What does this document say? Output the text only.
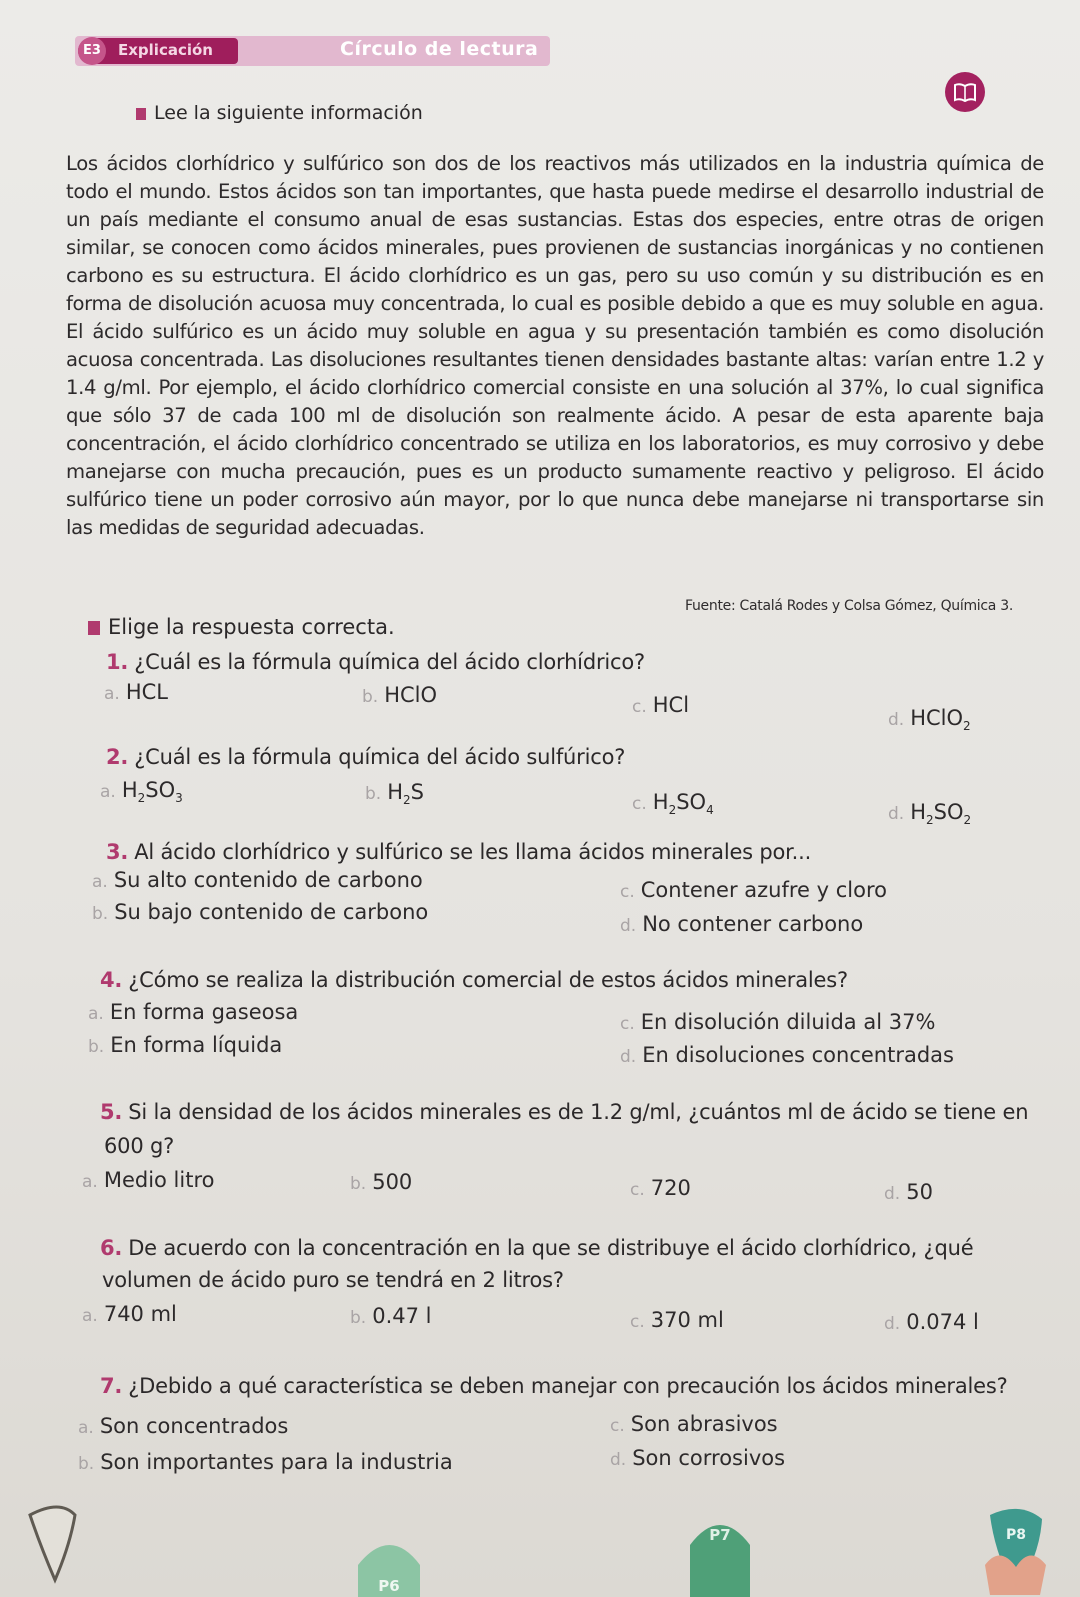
E3	Explicación	Círculo de lectura
Lee la siguiente información
Los ácidos clorhídrico y sulfúrico son dos de los reactivos más utilizados en la industria química de todo el mundo. Estos ácidos son tan importantes, que hasta puede medirse el desarrollo industrial de un país mediante el consumo anual de esas sustancias. Estas dos especies, entre otras de origen similar, se conocen como ácidos minerales, pues provienen de sustancias inorgánicas y no contienen carbono es su estructura. El ácido clorhídrico es un gas, pero su uso común y su distribución es en forma de disolución acuosa muy concentrada, lo cual es posible debido a que es muy soluble en agua. El ácido sulfúrico es un ácido muy soluble en agua y su presentación también es como disolución acuosa concentrada. Las disoluciones resultantes tienen densidades bastante altas: varían entre 1.2 y 1.4 g/ml. Por ejemplo, el ácido clorhídrico comercial consiste en una solución al 37%, lo cual significa que sólo 37 de cada 100 ml de disolución son realmente ácido. A pesar de esta aparente baja concentración, el ácido clorhídrico concentrado se utiliza en los laboratorios, es muy corrosivo y debe manejarse con mucha precaución, pues es un producto sumamente reactivo y peligroso. El ácido sulfúrico tiene un poder corrosivo aún mayor, por lo que nunca debe manejarse ni transportarse sin las medidas de seguridad adecuadas.
Fuente: Catalá Rodes y Colsa Gómez, Química 3.
Elige la respuesta correcta.
1. ¿Cuál es la fórmula química del ácido clorhídrico?
a. HCL	b. HClO	c. HCl
d. HClO$_2$
2. ¿Cuál es la fórmula química del ácido sulfúrico?
a. $H_2SO_3$	b. $H_2S$	c. $H_2SO_4$	d. $H_2SO_2$
3. Al ácido clorhídrico y sulfúrico se les llama ácidos minerales por...
a. Su alto contenido de carbono
b. Su bajo contenido de carbono
c. Contener azufre y cloro
d. No contener carbono
4. ¿Cómo se realiza la distribución comercial de estos ácidos minerales?
a. En forma gaseosa
b. En forma líquida
c. En disolución diluida al 37%
d. En disoluciones concentradas
5. Si la densidad de los ácidos minerales es de 1.2 g/ml, ¿cuántos ml de ácido se tiene en
600 g?
a. Medio litro	b. 500	c. 720	d. 50
6. De acuerdo con la concentración en la que se distribuye el ácido clorhídrico, ¿qué
volumen de ácido puro se tendrá en 2 litros?
a. 740 ml	b. 0.47 l	c. 370 ml	d. 0.074 l
7. ¿Debido a qué característica se deben manejar con precaución los ácidos minerales?
a. Son concentrados
b. Son importantes para la industria
c. Son abrasivos
d. Son corrosivos
P6
P7	P8
